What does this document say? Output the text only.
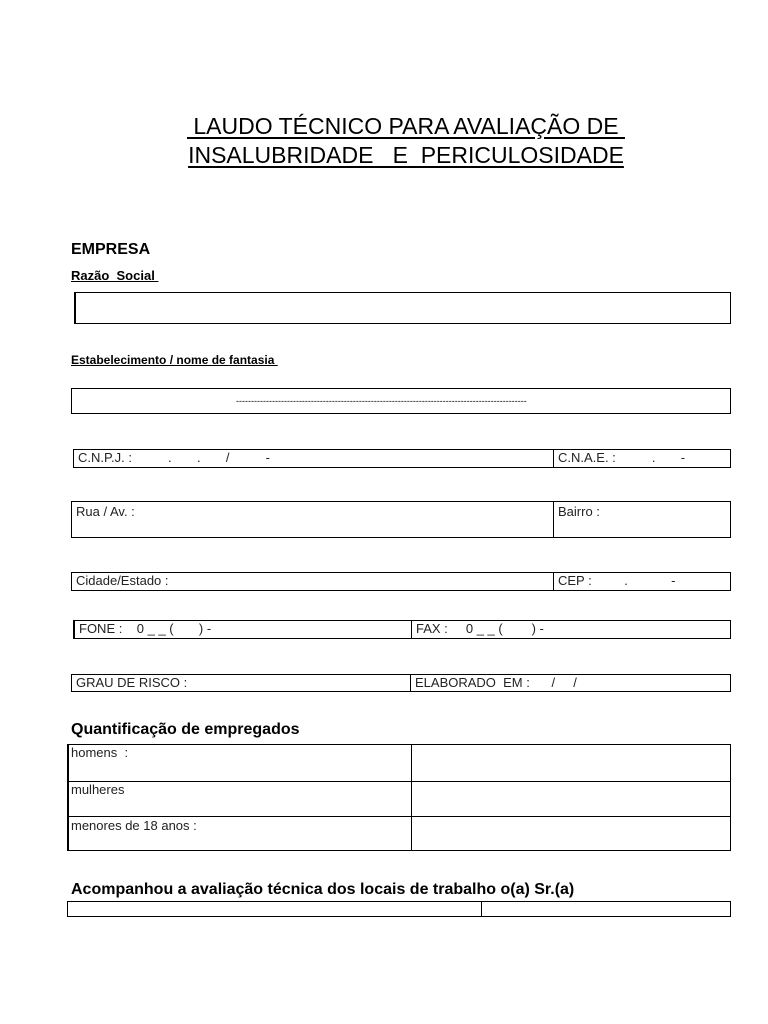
LAUDO TÉCNICO PARA AVALIAÇÃO DE
INSALUBRIDADE   E  PERICULOSIDADE
EMPRESA
Razão  Social
Estabelecimento / nome de fantasia
-------------------------------------------------------------------------------------------------
C.N.P.J. :          .       .       /          -	C.N.A.E. :          .       -
Rua / Av. :	Bairro :
Cidade/Estado :	CEP :         .            -
FONE :    0 _ _ (       ) -	FAX :     0 _ _ (        ) -
GRAU DE RISCO :	ELABORADO  EM :      /     /
Quantificação de empregados
homens  :
mulheres
menores de 18 anos :
Acompanhou a avaliação técnica dos locais de trabalho o(a) Sr.(a)
